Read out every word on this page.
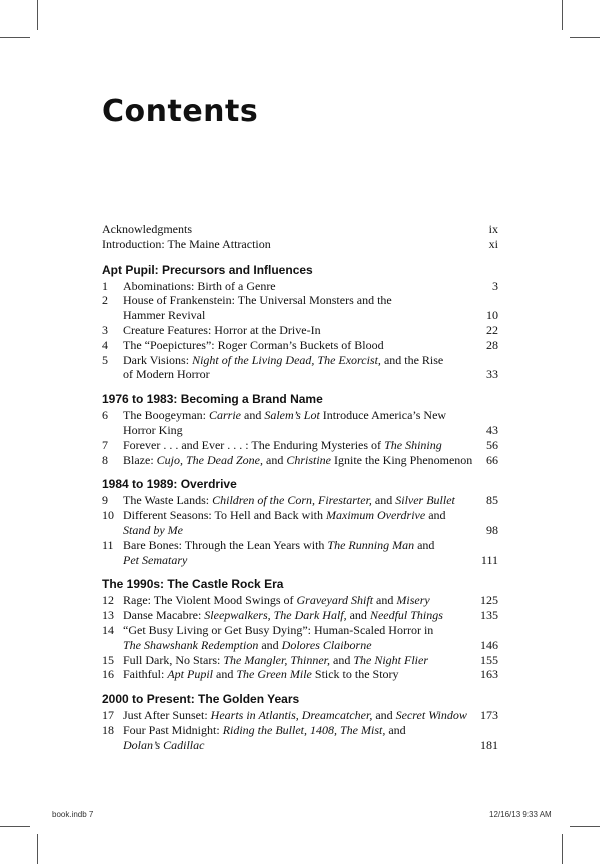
Contents
Acknowledgments	ix
Introduction: The Maine Attraction	xi
Apt Pupil: Precursors and Influences
1	Abominations: Birth of a Genre	3
2	House of Frankenstein: The Universal Monsters and the
Hammer Revival	10
3	Creature Features: Horror at the Drive-In	22
4	The “Poepictures”: Roger Corman’s Buckets of Blood	28
5	Dark Visions: Night of the Living Dead, The Exorcist, and the Rise
of Modern Horror	33
1976 to 1983: Becoming a Brand Name
6	The Boogeyman: Carrie and Salem’s Lot Introduce America’s New
Horror King	43
7	Forever . . . and Ever . . . : The Enduring Mysteries of The Shining	56
8	Blaze: Cujo, The Dead Zone, and Christine Ignite the King Phenomenon	66
1984 to 1989: Overdrive
9	The Waste Lands: Children of the Corn, Firestarter, and Silver Bullet	85
10 Different Seasons: To Hell and Back with Maximum Overdrive and
Stand by Me	98
11 Bare Bones: Through the Lean Years with The Running Man and
Pet Sematary	111
The 1990s: The Castle Rock Era
12 Rage: The Violent Mood Swings of Graveyard Shift and Misery	125
13 Danse Macabre: Sleepwalkers, The Dark Half, and Needful Things	135
14 “Get Busy Living or Get Busy Dying”: Human-Scaled Horror in
The Shawshank Redemption and Dolores Claiborne	146
15 Full Dark, No Stars: The Mangler, Thinner, and The Night Flier	155
16 Faithful: Apt Pupil and The Green Mile Stick to the Story	163
2000 to Present: The Golden Years
17 Just After Sunset: Hearts in Atlantis, Dreamcatcher, and Secret Window	173
18 Four Past Midnight: Riding the Bullet, 1408, The Mist, and
Dolan’s Cadillac	181
book.indb 7	12/16/13 9:33 AM
